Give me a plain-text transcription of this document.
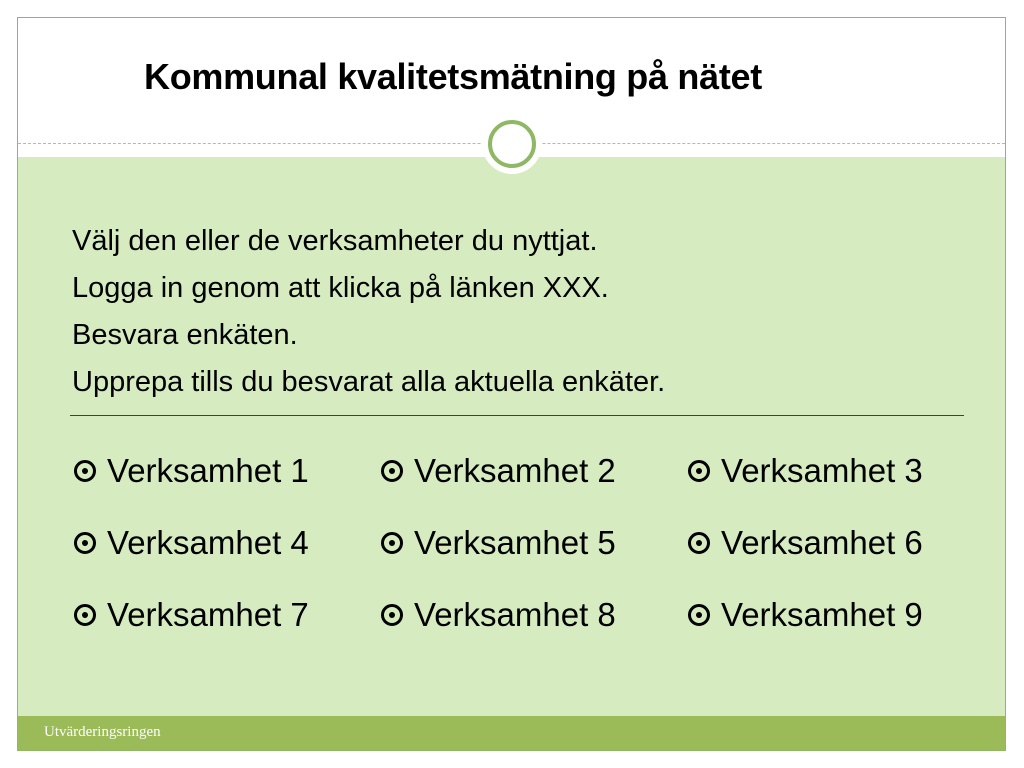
Kommunal kvalitetsmätning på nätet
Välj den eller de verksamheter du nyttjat.
Logga in genom att klicka på länken XXX.
Besvara enkäten.
Upprepa tills du besvarat alla aktuella enkäter.
Verksamhet 1	Verksamhet 2	Verksamhet 3
Verksamhet 4	Verksamhet 5	Verksamhet 6
Verksamhet 7	Verksamhet 8	Verksamhet 9
Utvärderingsringen
